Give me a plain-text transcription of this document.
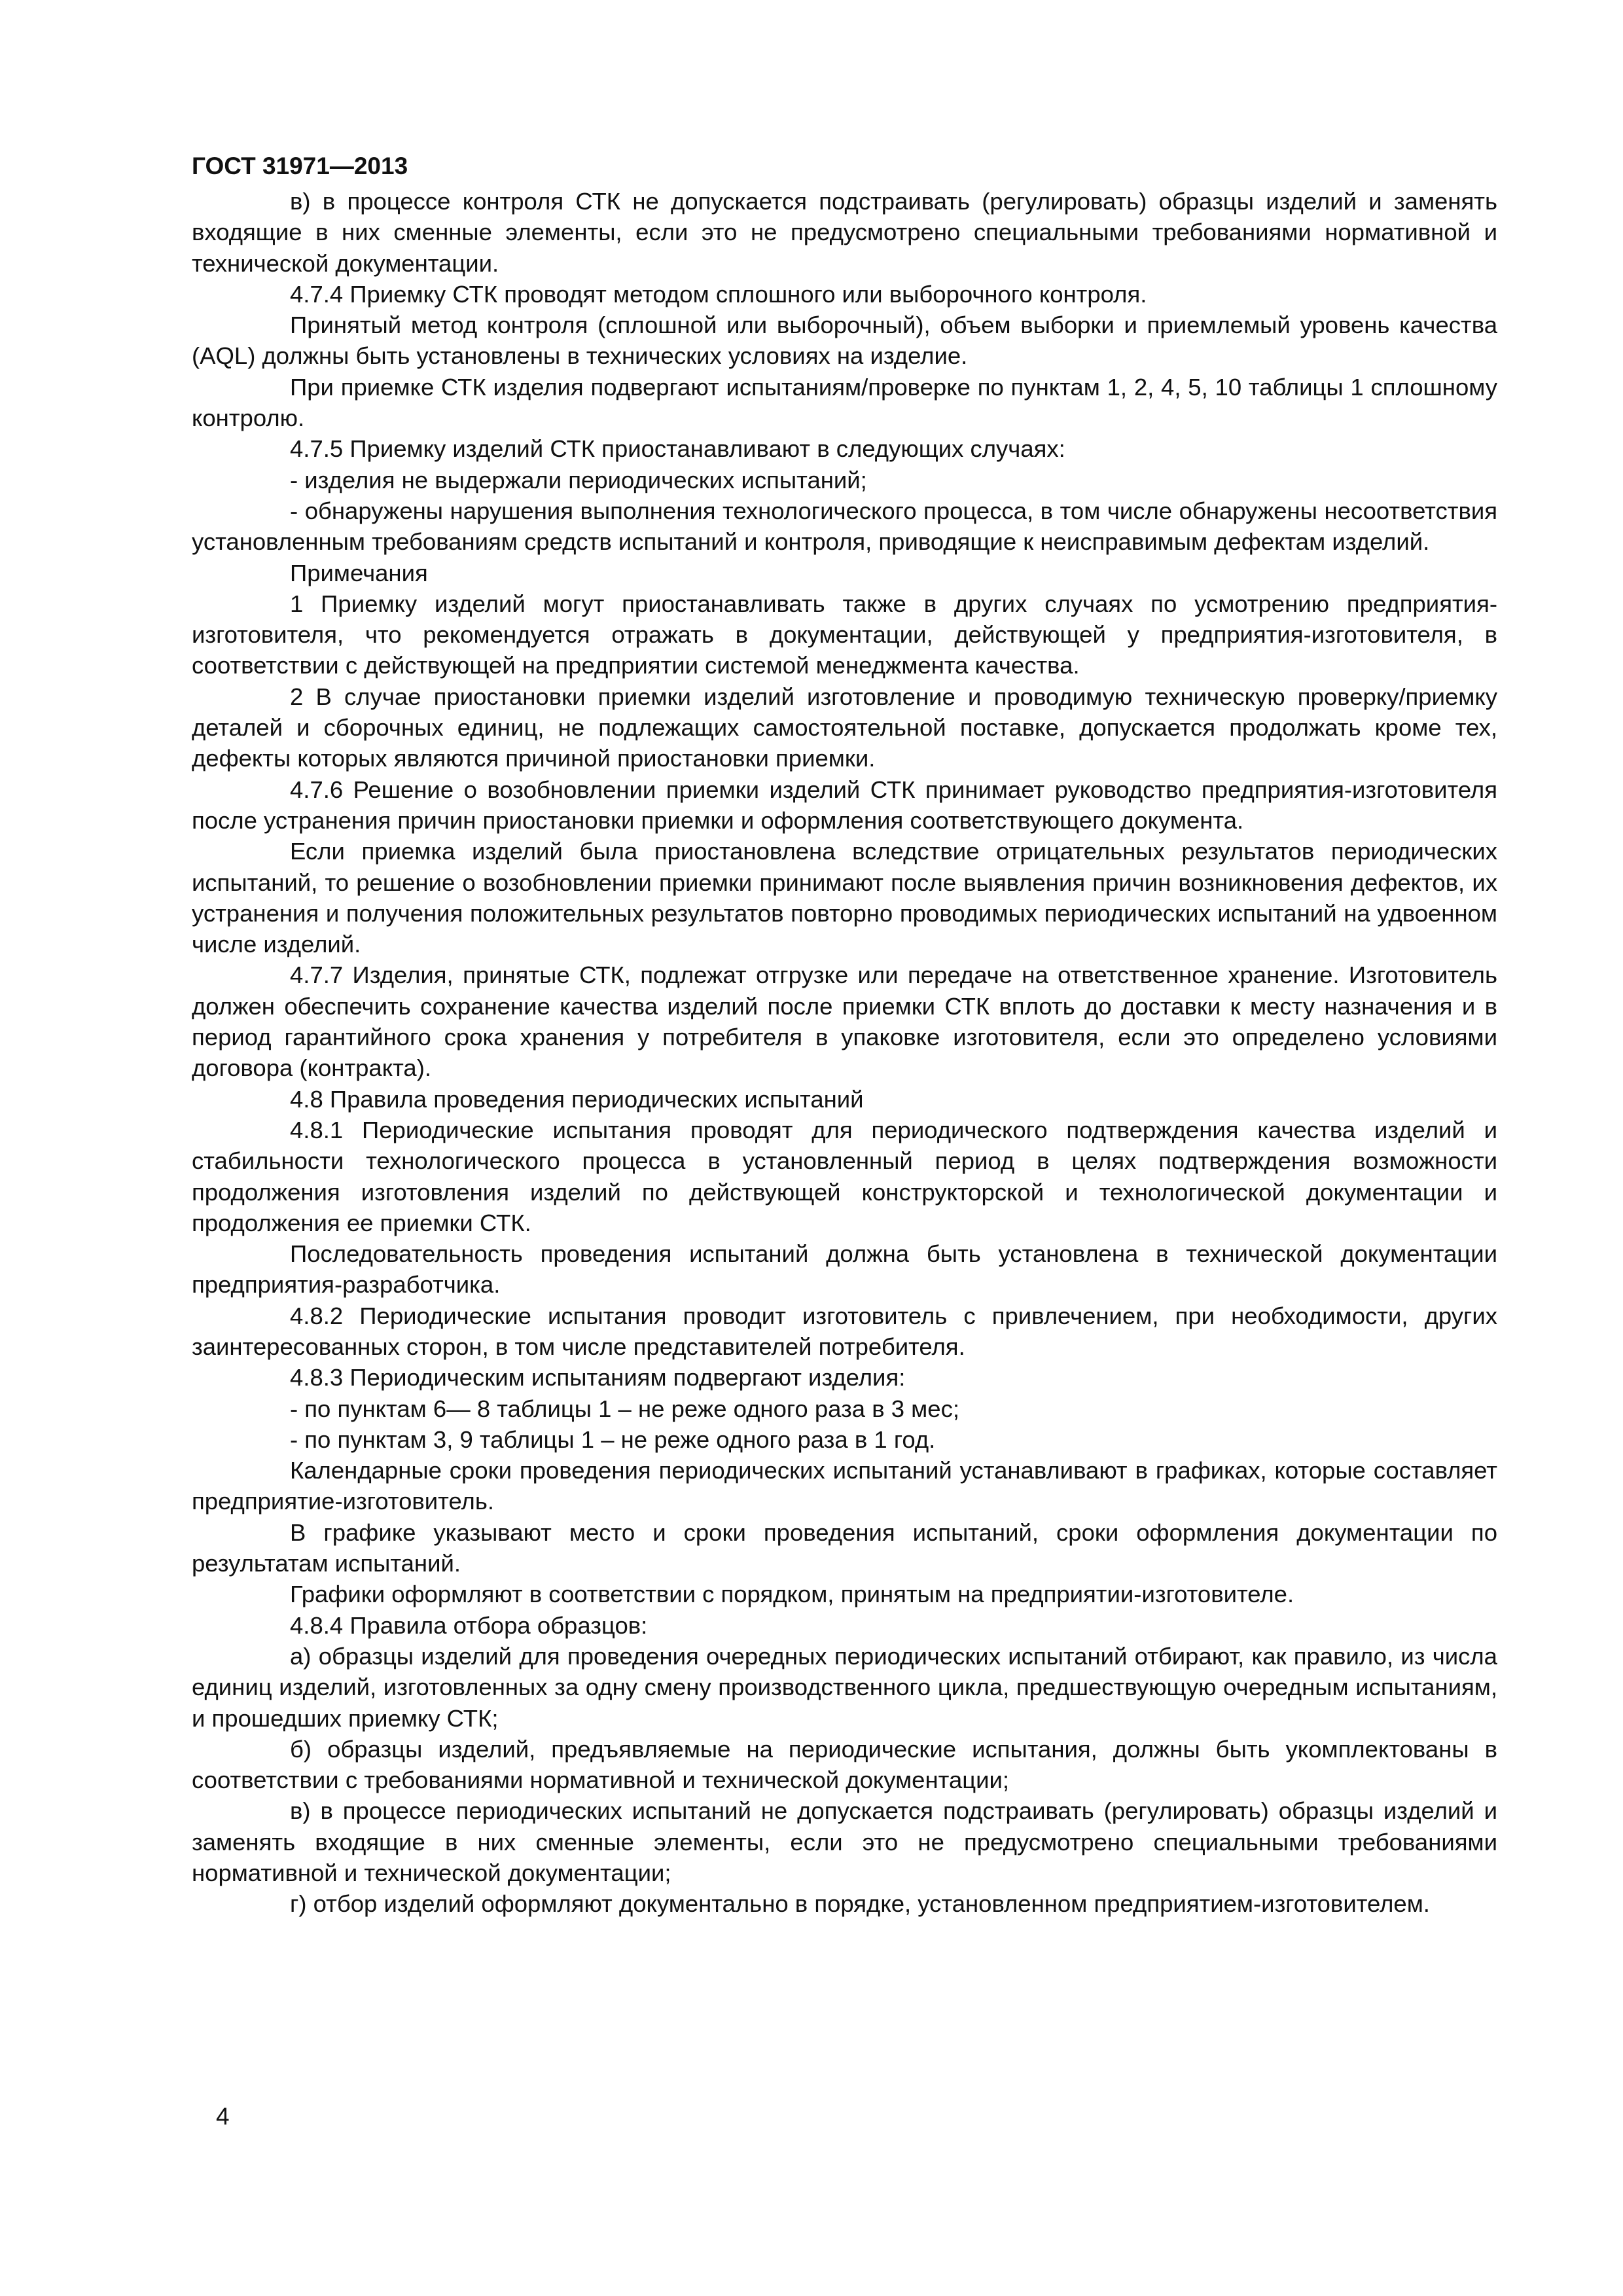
ГОСТ 31971—2013

в) в процессе контроля СТК не допускается подстраивать (регулировать) образцы изделий и заменять входящие в них сменные элементы, если это не предусмотрено специальными требованиями нормативной и технической документации.

4.7.4 Приемку СТК проводят методом сплошного или выборочного контроля.

Принятый метод контроля (сплошной или выборочный), объем выборки и приемлемый уровень качества (AQL) должны быть установлены в технических условиях на изделие.

При приемке СТК изделия подвергают испытаниям/проверке по пунктам 1, 2, 4, 5, 10 таблицы 1 сплошному контролю.

4.7.5 Приемку изделий СТК приостанавливают в следующих случаях:

- изделия не выдержали периодических испытаний;

- обнаружены нарушения выполнения технологического процесса, в том числе обнаружены несоответствия установленным требованиям средств испытаний и контроля, приводящие к неисправимым дефектам изделий.

Примечания

1 Приемку изделий могут приостанавливать также в других случаях по усмотрению предприятия-изготовителя, что рекомендуется отражать в документации, действующей у предприятия-изготовителя, в соответствии с действующей на предприятии системой менеджмента качества.

2 В случае приостановки приемки изделий изготовление и проводимую техническую проверку/приемку деталей и сборочных единиц, не подлежащих самостоятельной поставке, допускается продолжать кроме тех, дефекты которых являются причиной приостановки приемки.

4.7.6 Решение о возобновлении приемки изделий СТК принимает руководство предприятия-изготовителя после устранения причин приостановки приемки и оформления соответствующего документа.

Если приемка изделий была приостановлена вследствие отрицательных результатов периодических испытаний, то решение о возобновлении приемки принимают после выявления причин возникновения дефектов, их устранения и получения положительных результатов повторно проводимых периодических испытаний на удвоенном числе изделий.

4.7.7 Изделия, принятые СТК, подлежат отгрузке или передаче на ответственное хранение. Изготовитель должен обеспечить сохранение качества изделий после приемки СТК вплоть до доставки к месту назначения и в период гарантийного срока хранения у потребителя в упаковке изготовителя, если это определено условиями договора (контракта).

4.8 Правила проведения периодических испытаний

4.8.1 Периодические испытания проводят для периодического подтверждения качества изделий и стабильности технологического процесса в установленный период в целях подтверждения возможности продолжения изготовления изделий по действующей конструкторской и технологической документации и продолжения ее приемки СТК.

Последовательность проведения испытаний должна быть установлена в технической документации предприятия-разработчика.

4.8.2 Периодические испытания проводит изготовитель с привлечением, при необходимости, других заинтересованных сторон, в том числе представителей потребителя.

4.8.3 Периодическим испытаниям подвергают изделия:

- по пунктам 6— 8 таблицы 1 – не реже одного раза в 3 мес;

- по пунктам 3, 9 таблицы 1 – не реже одного раза в 1 год.

Календарные сроки проведения периодических испытаний устанавливают в графиках, которые составляет предприятие-изготовитель.

В графике указывают место и сроки проведения испытаний, сроки оформления документации по результатам испытаний.

Графики оформляют в соответствии с порядком, принятым на предприятии-изготовителе.

4.8.4 Правила отбора образцов:

а) образцы изделий для проведения очередных периодических испытаний отбирают, как правило, из числа единиц изделий, изготовленных за одну смену производственного цикла, предшествующую очередным испытаниям, и прошедших приемку СТК;

б) образцы изделий, предъявляемые на периодические испытания, должны быть укомплектованы в соответствии с требованиями нормативной и технической документации;

в) в процессе периодических испытаний не допускается подстраивать (регулировать) образцы изделий и заменять входящие в них сменные элементы, если это не предусмотрено специальными требованиями нормативной и технической документации;

г) отбор изделий оформляют документально в порядке, установленном предприятием-изготовителем.

4
